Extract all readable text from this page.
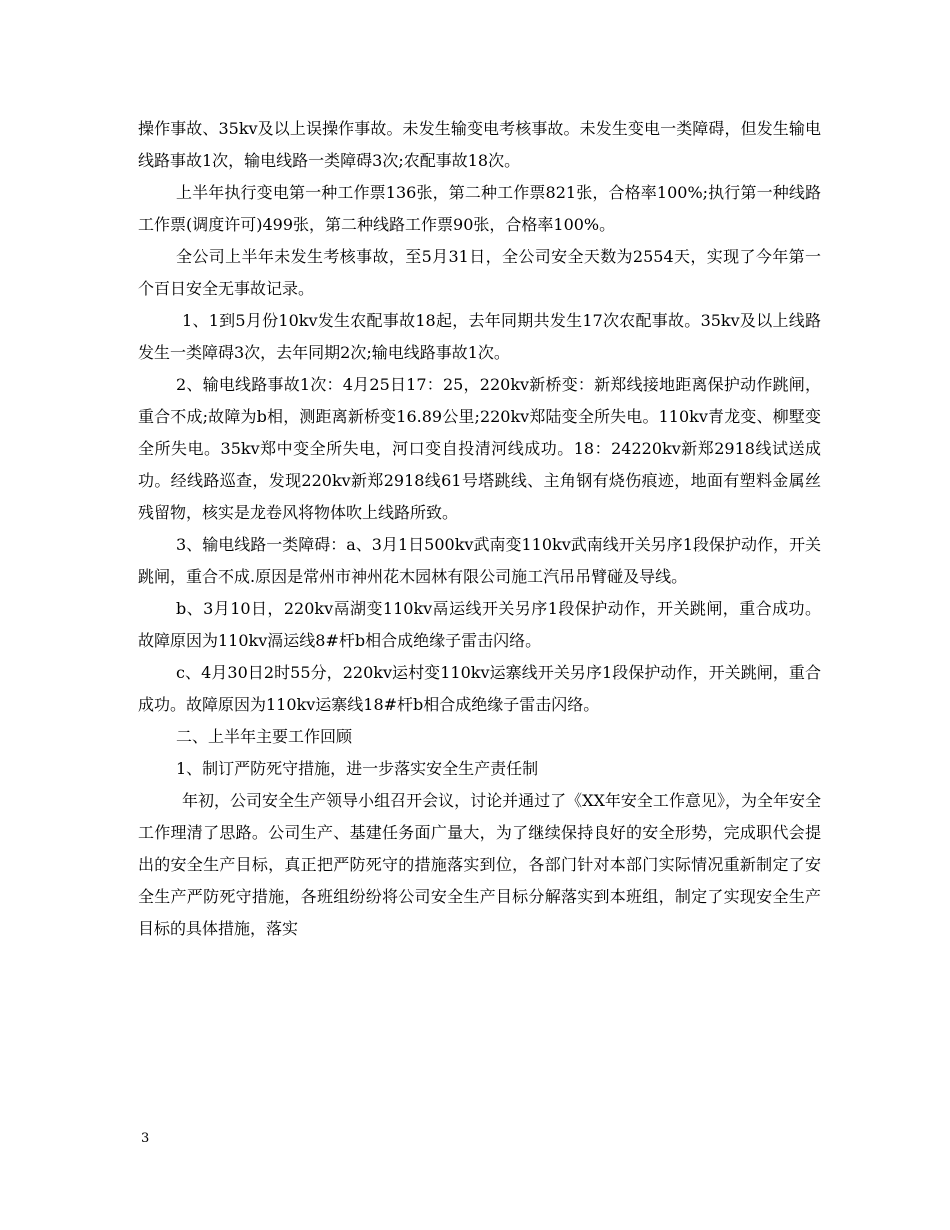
操作事故、35kv及以上误操作事故。未发生输变电考核事故。未发生变电一类障碍，但发生输电线路事故1次，输电线路一类障碍3次;农配事故18次。

上半年执行变电第一种工作票136张，第二种工作票821张，合格率100%;执行第一种线路工作票(调度许可)499张，第二种线路工作票90张，合格率100%。

全公司上半年未发生考核事故，至5月31日，全公司安全天数为2554天，实现了今年第一个百日安全无事故记录。

1、1到5月份10kv发生农配事故18起，去年同期共发生17次农配事故。35kv及以上线路发生一类障碍3次，去年同期2次;输电线路事故1次。

2、输电线路事故1次：4月25日17：25，220kv新桥变：新郑线接地距离保护动作跳闸，重合不成;故障为b相，测距离新桥变16.89公里;220kv郑陆变全所失电。110kv青龙变、柳墅变全所失电。35kv郑中变全所失电，河口变自投清河线成功。18：24220kv新郑2918线试送成功。经线路巡查，发现220kv新郑2918线61号塔跳线、主角钢有烧伤痕迹，地面有塑料金属丝残留物，核实是龙卷风将物体吹上线路所致。

3、输电线路一类障碍：a、3月1日500kv武南变110kv武南线开关另序1段保护动作，开关跳闸，重合不成.原因是常州市神州花木园林有限公司施工汽吊吊臂碰及导线。

b、3月10日，220kv鬲湖变110kv鬲运线开关另序1段保护动作，开关跳闸，重合成功。故障原因为110kv滆运线8#杆b相合成绝缘子雷击闪络。

c、4月30日2时55分，220kv运村变110kv运寨线开关另序1段保护动作，开关跳闸，重合成功。故障原因为110kv运寨线18#杆b相合成绝缘子雷击闪络。

二、上半年主要工作回顾

1、制订严防死守措施，进一步落实安全生产责任制

年初，公司安全生产领导小组召开会议，讨论并通过了《XX年安全工作意见》，为全年安全工作理清了思路。公司生产、基建任务面广量大，为了继续保持良好的安全形势，完成职代会提出的安全生产目标，真正把严防死守的措施落实到位，各部门针对本部门实际情况重新制定了安全生产严防死守措施，各班组纷纷将公司安全生产目标分解落实到本班组，制定了实现安全生产目标的具体措施，落实

3
